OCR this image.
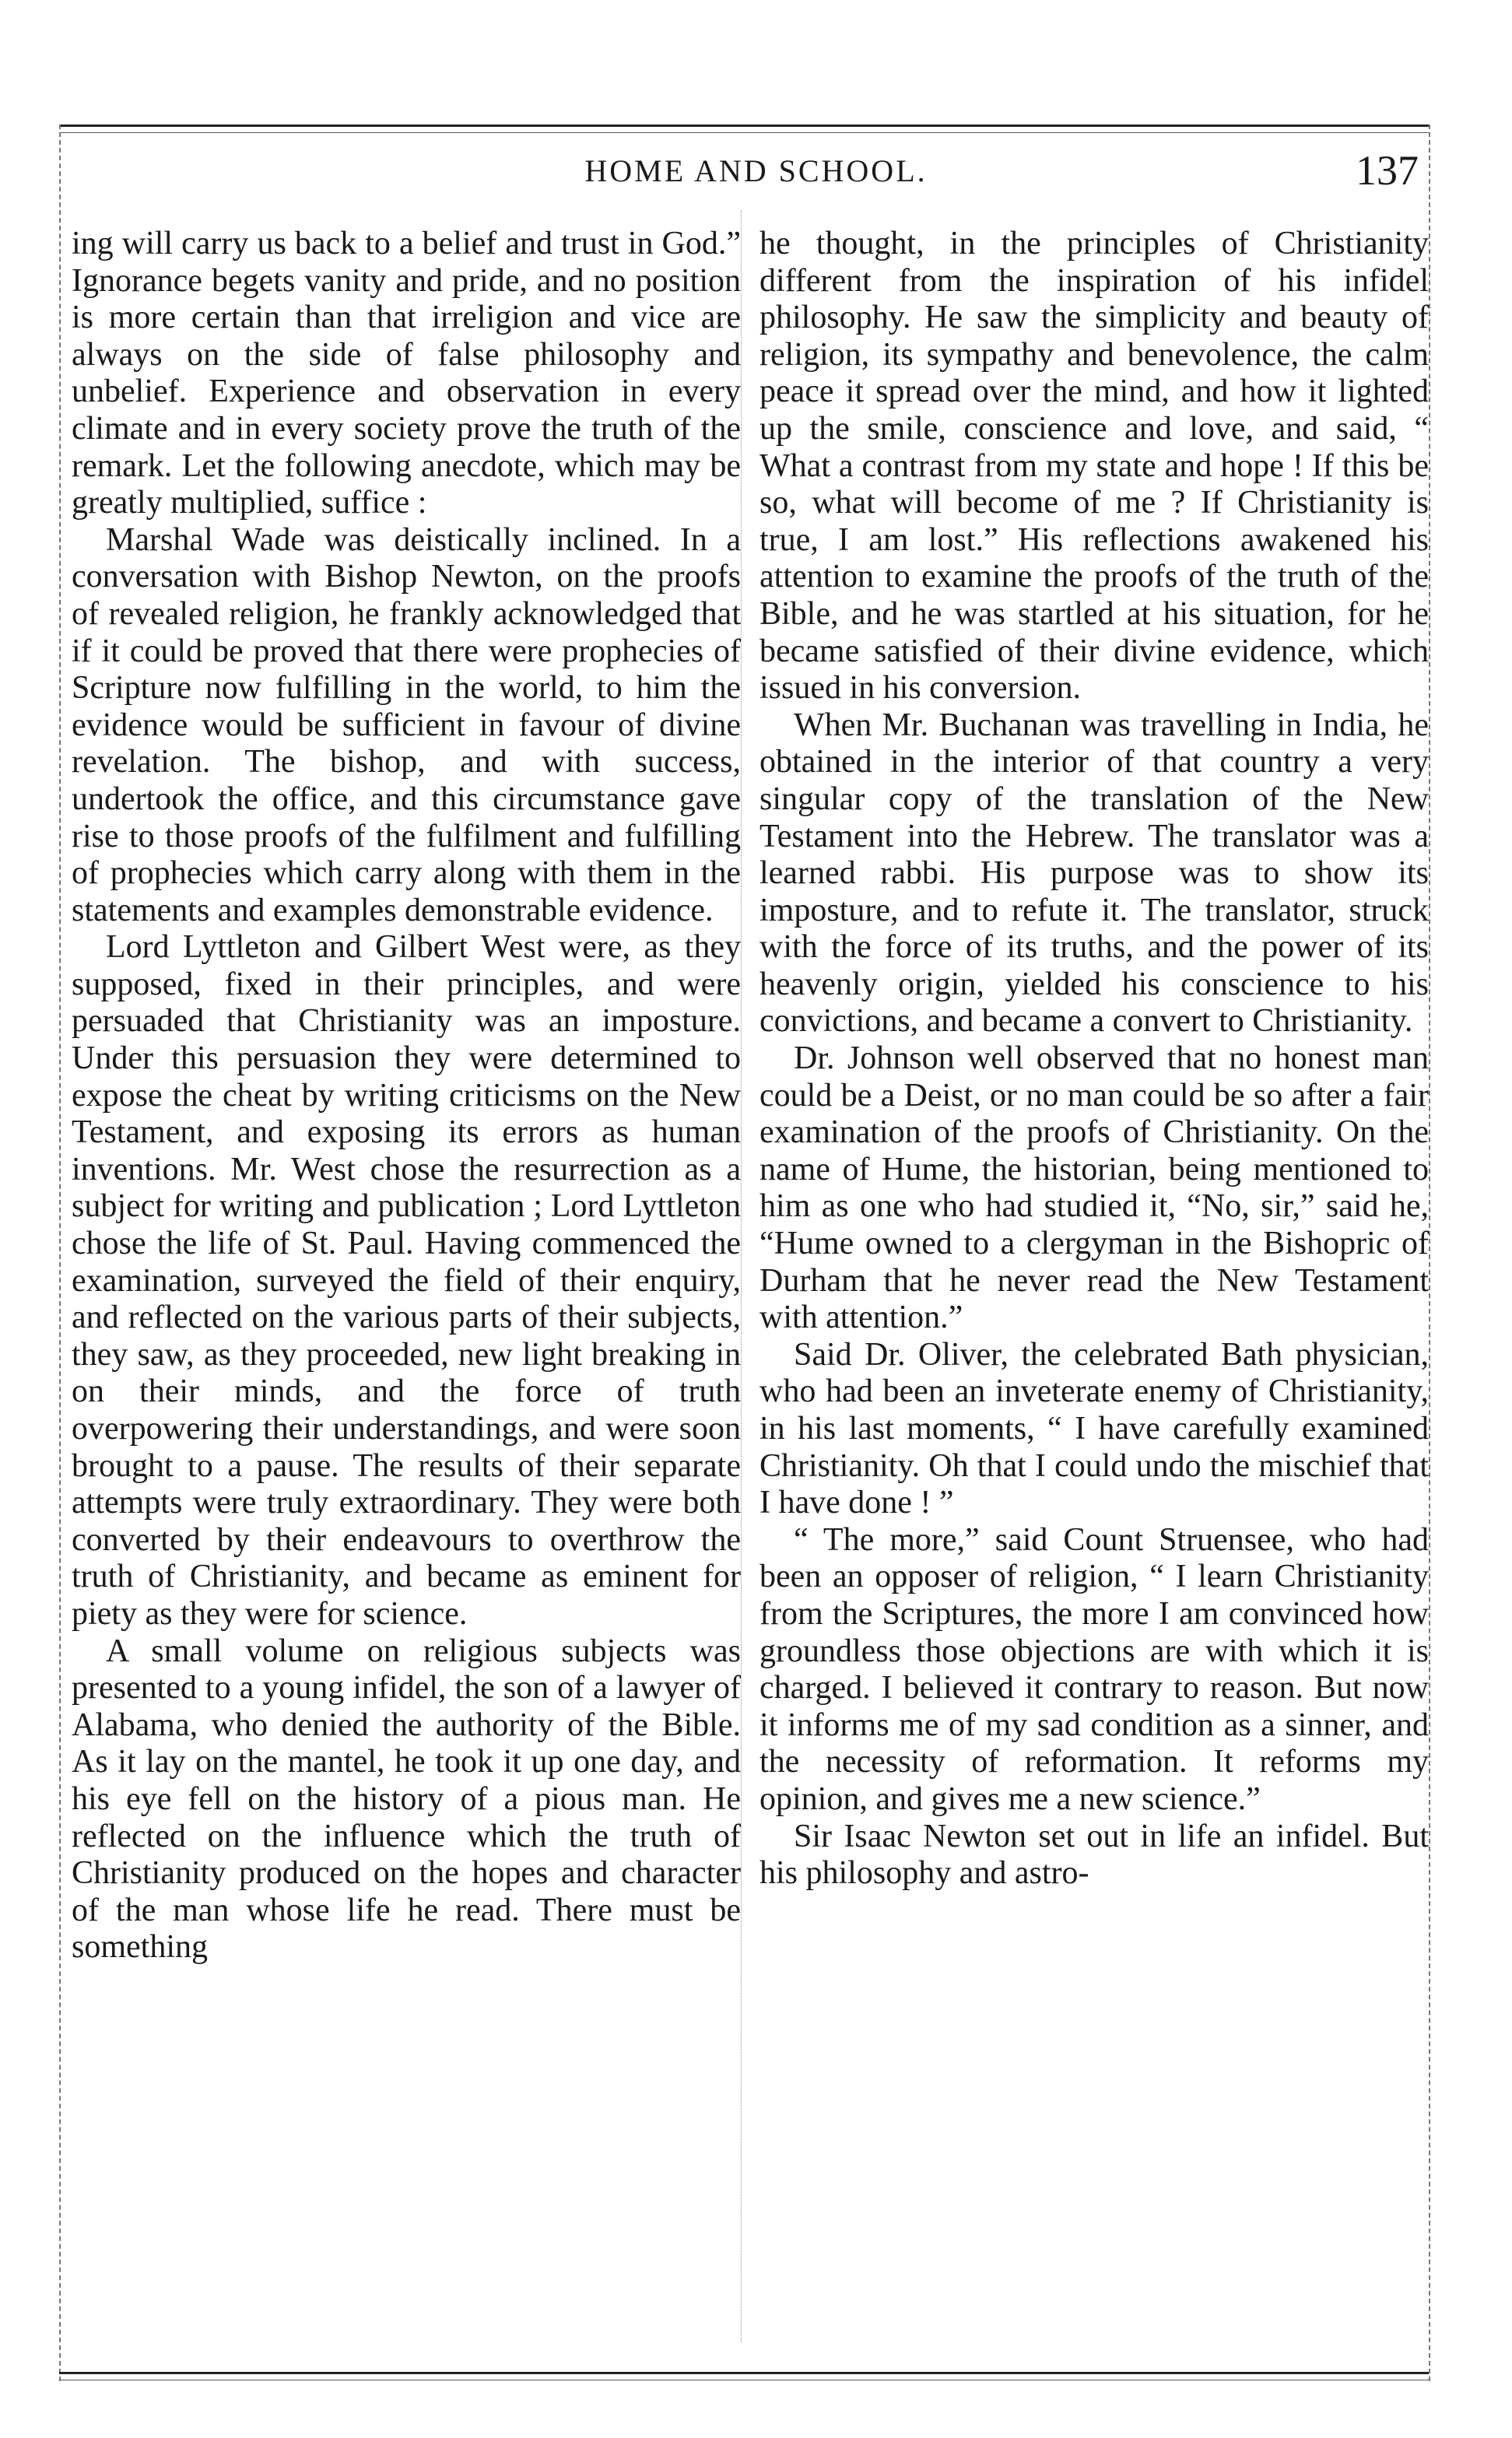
HOME AND SCHOOL.	137

ing will carry us back to a belief and trust in God.” Ignorance begets vanity and pride, and no position is more certain than that irreligion and vice are always on the side of false philosophy and unbelief. Experience and observation in every climate and in every society prove the truth of the remark. Let the following anecdote, which may be greatly multiplied, suffice :

Marshal Wade was deistically inclined. In a conversation with Bishop Newton, on the proofs of revealed religion, he frankly acknowledged that if it could be proved that there were prophecies of Scripture now fulfilling in the world, to him the evidence would be sufficient in favour of divine revelation. The bishop, and with success, undertook the office, and this circumstance gave rise to those proofs of the fulfilment and fulfilling of prophecies which carry along with them in the statements and examples demonstrable evidence.

Lord Lyttleton and Gilbert West were, as they supposed, fixed in their principles, and were persuaded that Christianity was an imposture. Under this persuasion they were determined to expose the cheat by writing criticisms on the New Testament, and exposing its errors as human inventions. Mr. West chose the resurrection as a subject for writing and publication ; Lord Lyttleton chose the life of St. Paul. Having commenced the examination, surveyed the field of their enquiry, and reflected on the various parts of their subjects, they saw, as they proceeded, new light breaking in on their minds, and the force of truth overpowering their understandings, and were soon brought to a pause. The results of their separate attempts were truly extraordinary. They were both converted by their endeavours to overthrow the truth of Christianity, and became as eminent for piety as they were for science.

A small volume on religious subjects was presented to a young infidel, the son of a lawyer of Alabama, who denied the authority of the Bible. As it lay on the mantel, he took it up one day, and his eye fell on the history of a pious man. He reflected on the influence which the truth of Christianity produced on the hopes and character of the man whose life he read. There must be something

he thought, in the principles of Christianity different from the inspiration of his infidel philosophy. He saw the simplicity and beauty of religion, its sympathy and benevolence, the calm peace it spread over the mind, and how it lighted up the smile, conscience and love, and said, “ What a contrast from my state and hope ! If this be so, what will become of me ? If Christianity is true, I am lost.” His reflections awakened his attention to examine the proofs of the truth of the Bible, and he was startled at his situation, for he became satisfied of their divine evidence, which issued in his conversion.

When Mr. Buchanan was travelling in India, he obtained in the interior of that country a very singular copy of the translation of the New Testament into the Hebrew. The translator was a learned rabbi. His purpose was to show its imposture, and to refute it. The translator, struck with the force of its truths, and the power of its heavenly origin, yielded his conscience to his convictions, and became a convert to Christianity.

Dr. Johnson well observed that no honest man could be a Deist, or no man could be so after a fair examination of the proofs of Christianity. On the name of Hume, the historian, being mentioned to him as one who had studied it, “No, sir,” said he, “Hume owned to a clergyman in the Bishopric of Durham that he never read the New Testament with attention.”

Said Dr. Oliver, the celebrated Bath physician, who had been an inveterate enemy of Christianity, in his last moments, “ I have carefully examined Christianity. Oh that I could undo the mischief that I have done ! ”

“ The more,” said Count Struensee, who had been an opposer of religion, “ I learn Christianity from the Scriptures, the more I am convinced how groundless those objections are with which it is charged. I believed it contrary to reason. But now it informs me of my sad condition as a sinner, and the necessity of reformation. It reforms my opinion, and gives me a new science.”

Sir Isaac Newton set out in life an infidel. But his philosophy and astro-
